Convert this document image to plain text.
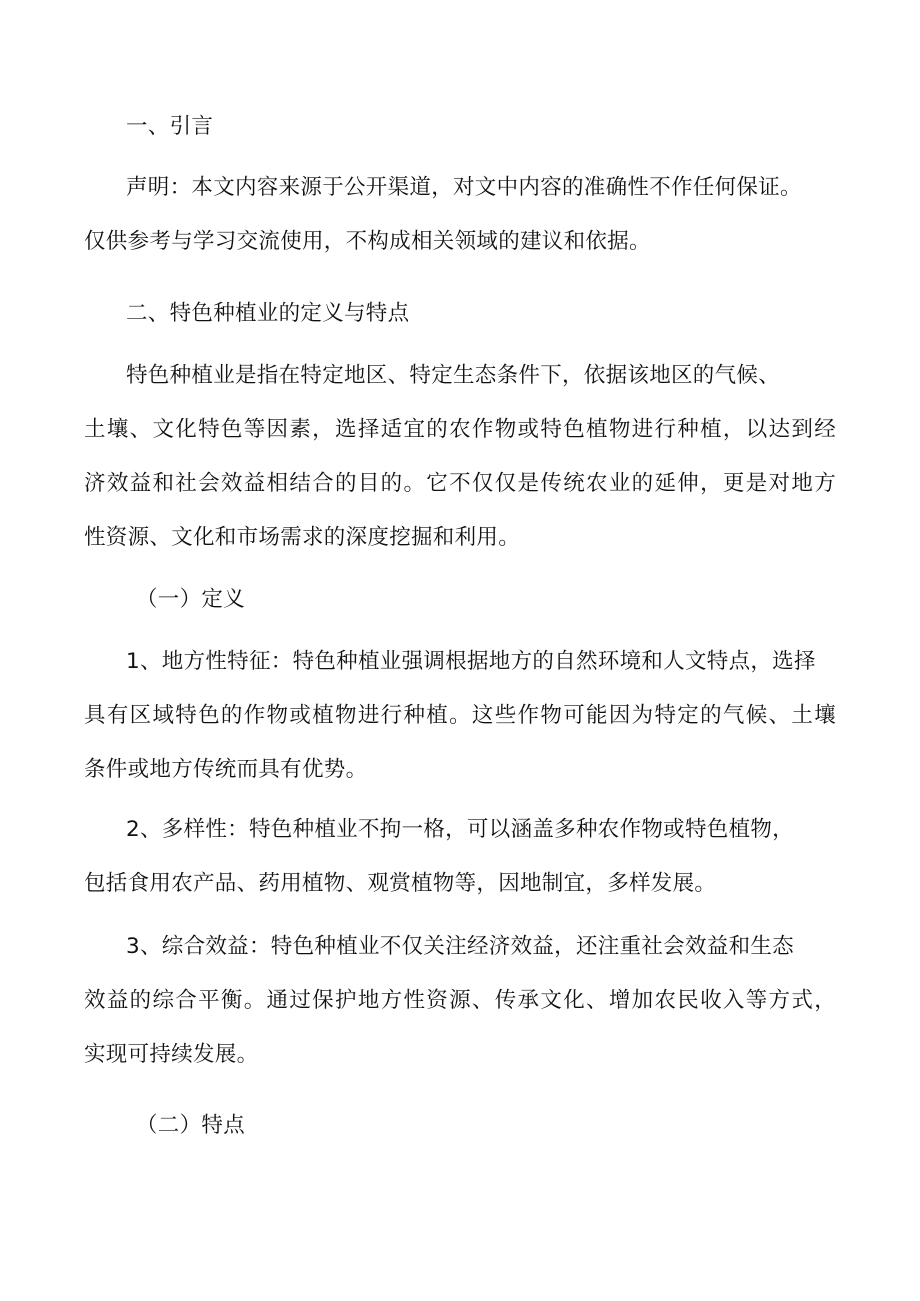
一、引言
声明：本文内容来源于公开渠道，对文中内容的准确性不作任何保证。
仅供参考与学习交流使用，不构成相关领域的建议和依据。
二、特色种植业的定义与特点
特色种植业是指在特定地区、特定生态条件下，依据该地区的气候、
土壤、文化特色等因素，选择适宜的农作物或特色植物进行种植，以达到经
济效益和社会效益相结合的目的。它不仅仅是传统农业的延伸，更是对地方
性资源、文化和市场需求的深度挖掘和利用。
（一）定义
1、地方性特征：特色种植业强调根据地方的自然环境和人文特点，选择
具有区域特色的作物或植物进行种植。这些作物可能因为特定的气候、土壤
条件或地方传统而具有优势。
2、多样性：特色种植业不拘一格，可以涵盖多种农作物或特色植物，
包括食用农产品、药用植物、观赏植物等，因地制宜，多样发展。
3、综合效益：特色种植业不仅关注经济效益，还注重社会效益和生态
效益的综合平衡。通过保护地方性资源、传承文化、增加农民收入等方式，
实现可持续发展。
（二）特点
